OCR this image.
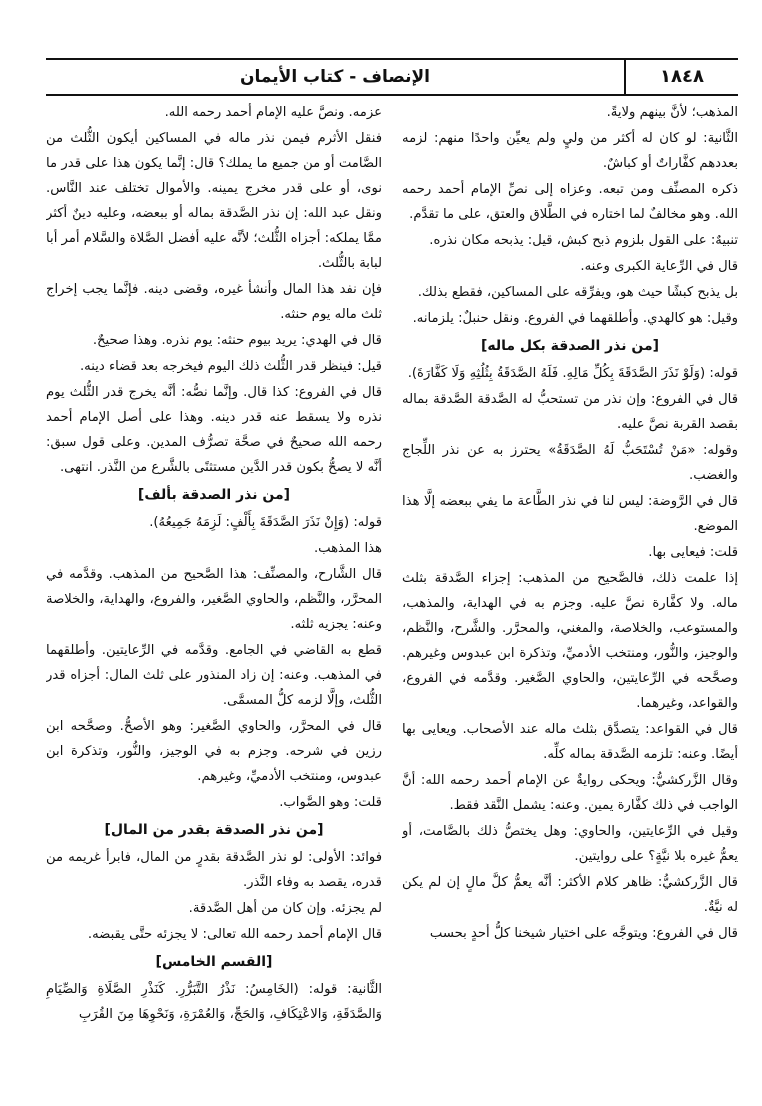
الإنصاف - كتاب الأيمان	١٨٤٨
المذهب؛ لأنَّ بينهم ولايةً.
الثَّانية: لو كان له أكثر من وليٍ ولم يعيِّن واحدًا منهم: لزمه بعددهم كفَّاراتٌ أو كباشٌ.
ذكره المصنِّف ومن تبعه. وعزاه إلى نصِّ الإمام أحمد رحمه الله. وهو مخالفٌ لما اختاره في الطَّلاق والعتق، على ما تقدَّم.
تنبيهٌ: على القول بلزوم ذبح كبش، قيل: يذبحه مكان نذره.
قال في الرِّعاية الكبرى وعنه.
بل يذبح كبشًا حيث هو، ويفرِّقه على المساكين، فقطع بذلك.
وقيل: هو كالهدي. وأطلقهما في الفروع. ونقل حنبلٌ: يلزمانه.
[من نذر الصدقة بكل ماله]
قوله: (وَلَوْ نَذَرَ الصَّدَقَةَ بِكُلِّ مَالِهِ. فَلَهُ الصَّدَقَةُ بِثُلُثِهِ وَلَا كَفَّارَةَ).
قال في الفروع: وإن نذر من تستحبُّ له الصَّدقة الصَّدقة بماله بقصد القربة نصَّ عليه.
وقوله: «مَنْ تُسْتَحَبُّ لَهُ الصَّدَقَةُ» يحترز به عن نذر اللِّجاج والغضب.
قال في الرَّوضة: ليس لنا في نذر الطَّاعة ما يفي ببعضه إلَّا هذا الموضع.
قلت: فيعايى بها.
إذا علمت ذلك، فالصَّحيح من المذهب: إجزاء الصَّدقة بثلث ماله. ولا كفَّارة نصَّ عليه. وجزم به في الهداية، والمذهب، والمستوعب، والخلاصة، والمغني، والمحرَّر. والشَّرح، والنَّظم، والوجيز، والنُّور، ومنتخب الأدميِّ، وتذكرة ابن عبدوس وغيرهم. وصحَّحه في الرِّعايتين، والحاوي الصَّغير. وقدَّمه في الفروع، والقواعد، وغيرهما.
قال في القواعد: يتصدَّق بثلث ماله عند الأصحاب. ويعايى بها أيضًا. وعنه: تلزمه الصَّدقة بماله كلِّه.
وقال الزَّركشيُّ: ويحكى روايةٌ عن الإمام أحمد رحمه الله: أنَّ الواجب في ذلك كفَّارة يمين. وعنه: يشمل النَّقد فقط.
وقيل في الرِّعايتين، والحاوي: وهل يختصُّ ذلك بالصَّامت، أو يعمُّ غيره بلا نيَّةٍ؟ على روايتين.
قال الزَّركشيُّ: ظاهر كلام الأكثر: أنَّه يعمُّ كلَّ مالٍ إن لم يكن له نيَّةٌ.
قال في الفروع: ويتوجَّه على اختيار شيخنا كلُّ أحدٍ بحسب
عزمه. ونصَّ عليه الإمام أحمد رحمه الله.
فنقل الأثرم فيمن نذر ماله في المساكين أيكون الثُّلث من الصَّامت أو من جميع ما يملك؟ قال: إنَّما يكون هذا على قدر ما نوى، أو على قدر مخرج يمينه. والأموال تختلف عند النَّاس. ونقل عبد الله: إن نذر الصَّدقة بماله أو ببعضه، وعليه دينٌ أكثر ممَّا يملكه: أجزاه الثُّلث؛ لأنَّه عليه أفضل الصَّلاة والسَّلام أمر أبا لبابة بالثُّلث.
فإن نفد هذا المال وأنشأ غيره، وقضى دينه. فإنَّما يجب إخراج ثلث ماله يوم حنثه.
قال في الهدي: يريد بيوم حنثه: يوم نذره. وهذا صحيحٌ.
قيل: فينظر قدر الثُّلث ذلك اليوم فيخرجه بعد قضاء دينه.
قال في الفروع: كذا قال. وإنَّما نصُّه: أنَّه يخرج قدر الثُّلث يوم نذره ولا يسقط عنه قدر دينه. وهذا على أصل الإمام أحمد رحمه الله صحيحٌ في صحَّة تصرُّف المدين. وعلى قول سبق: أنَّه لا يصحُّ بكون قدر الدَّين مستثنًى بالشَّرع من النَّذر. انتهى.
[من نذر الصدقة بألف]
قوله: (وَإِنْ نَذَرَ الصَّدَقَةَ بِأَلْفٍ: لَزِمَهُ جَمِيعُهُ).
هذا المذهب.
قال الشَّارح، والمصنِّف: هذا الصَّحيح من المذهب. وقدَّمه في المحرَّر، والنَّظم، والحاوي الصَّغير، والفروع، والهداية، والخلاصة وعنه: يجزيه ثلثه.
قطع به القاضي في الجامع. وقدَّمه في الرِّعايتين. وأطلقهما في المذهب. وعنه: إن زاد المنذور على ثلث المال: أجزاه قدر الثُّلث، وإلَّا لزمه كلُّ المسمَّى.
قال في المحرَّر، والحاوي الصَّغير: وهو الأصحُّ. وصحَّحه ابن رزين في شرحه. وجزم به في الوجيز، والنُّور، وتذكرة ابن عبدوس، ومنتخب الأدميِّ، وغيرهم.
قلت: وهو الصَّواب.
[من نذر الصدقة بقدر من المال]
فوائد: الأولى: لو نذر الصَّدقة بقدرٍ من المال، فابرأ غريمه من قدره، يقصد به وفاء النَّذر.
لم يجزئه. وإن كان من أهل الصَّدقة.
قال الإمام أحمد رحمه الله تعالى: لا يجزئه حتَّى يقبضه.
[القسم الخامس]
الثَّانية: قوله: (الخَامِسُ: نَذْرُ التَّبَرُّرِ. كَنَذْرِ الصَّلَاةِ وَالصِّيَامِ وَالصَّدَقَةِ، وَالاعْتِكَافِ، وَالحَجِّ، وَالعُمْرَةِ، وَنَحْوِهَا مِنَ القُرَبِ
